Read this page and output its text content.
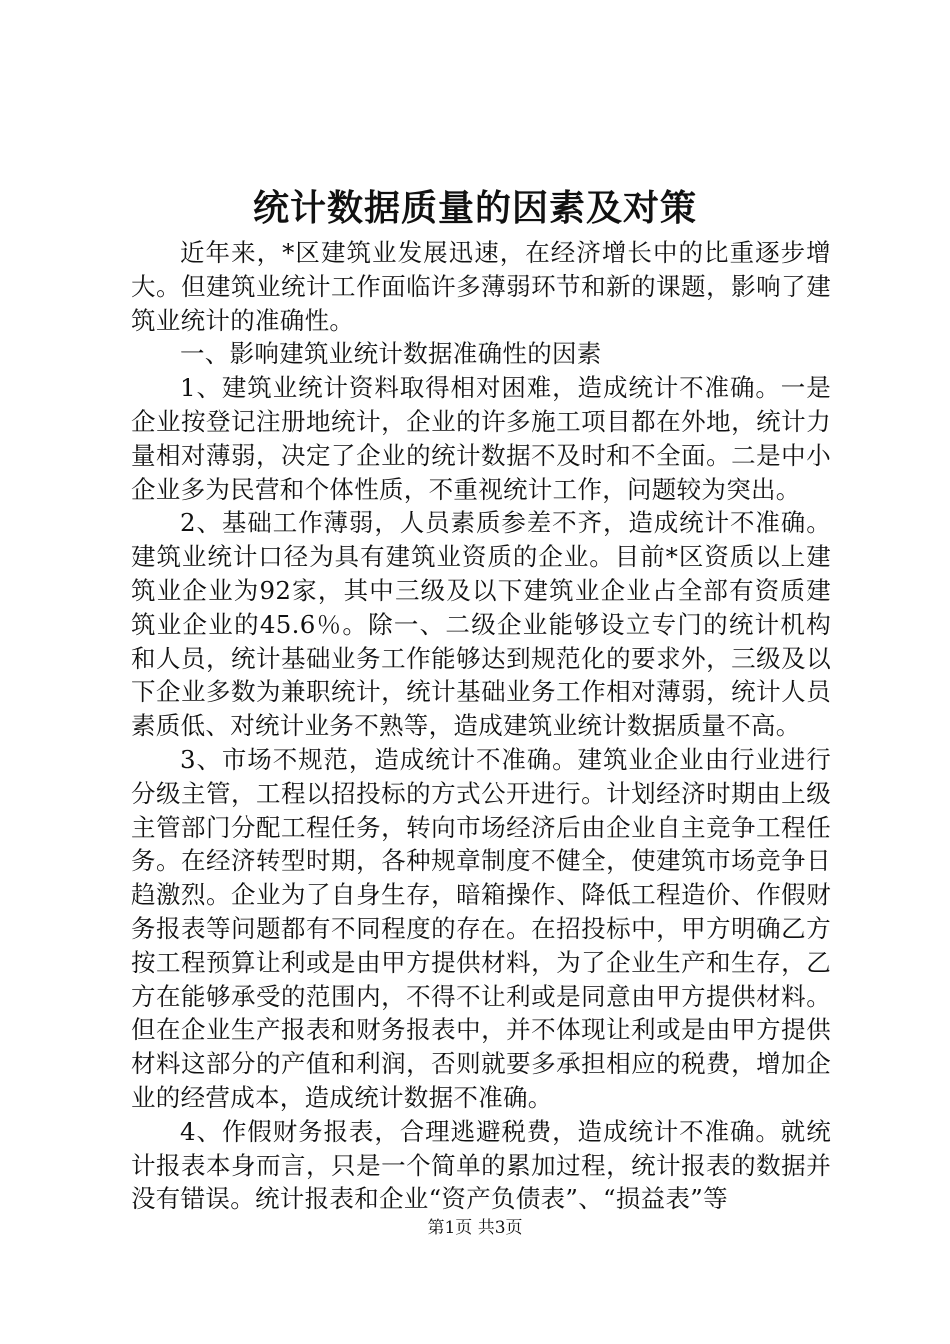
统计数据质量的因素及对策

近年来，*区建筑业发展迅速，在经济增长中的比重逐步增大。但建筑业统计工作面临许多薄弱环节和新的课题，影响了建筑业统计的准确性。

一、影响建筑业统计数据准确性的因素

1、建筑业统计资料取得相对困难，造成统计不准确。一是企业按登记注册地统计，企业的许多施工项目都在外地，统计力量相对薄弱，决定了企业的统计数据不及时和不全面。二是中小企业多为民营和个体性质，不重视统计工作，问题较为突出。

2、基础工作薄弱，人员素质参差不齐，造成统计不准确。建筑业统计口径为具有建筑业资质的企业。目前*区资质以上建筑业企业为92家，其中三级及以下建筑业企业占全部有资质建筑业企业的45.6％。除一、二级企业能够设立专门的统计机构和人员，统计基础业务工作能够达到规范化的要求外，三级及以下企业多数为兼职统计，统计基础业务工作相对薄弱，统计人员素质低、对统计业务不熟等，造成建筑业统计数据质量不高。

3、市场不规范，造成统计不准确。建筑业企业由行业进行分级主管，工程以招投标的方式公开进行。计划经济时期由上级主管部门分配工程任务，转向市场经济后由企业自主竞争工程任务。在经济转型时期，各种规章制度不健全，使建筑市场竞争日趋激烈。企业为了自身生存，暗箱操作、降低工程造价、作假财务报表等问题都有不同程度的存在。在招投标中，甲方明确乙方按工程预算让利或是由甲方提供材料，为了企业生产和生存，乙方在能够承受的范围内，不得不让利或是同意由甲方提供材料。但在企业生产报表和财务报表中，并不体现让利或是由甲方提供材料这部分的产值和利润，否则就要多承担相应的税费，增加企业的经营成本，造成统计数据不准确。

4、作假财务报表，合理逃避税费，造成统计不准确。就统计报表本身而言，只是一个简单的累加过程，统计报表的数据并没有错误。统计报表和企业“资产负债表”、“损益表”等

第1页 共3页
